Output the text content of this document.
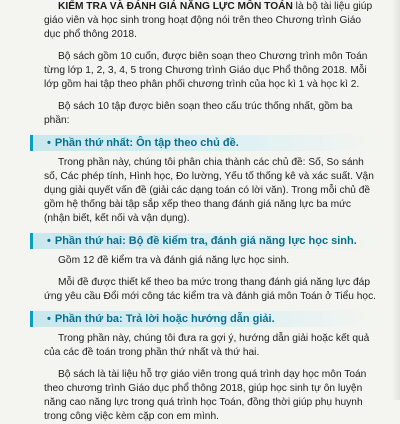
KIỂM TRA VÀ ĐÁNH GIÁ NĂNG LỰC MÔN TOÁN là bộ tài liệu giúp giáo viên và học sinh trong hoạt động nói trên theo Chương trình Giáo dục phổ thông 2018.

Bộ sách gồm 10 cuốn, được biên soạn theo Chương trình môn Toán từng lớp 1, 2, 3, 4, 5 trong Chương trình Giáo dục Phổ thông 2018. Mỗi lớp gồm hai tập theo phân phối chương trình của học kì 1 và học kì 2.

Bộ sách 10 tập được biên soạn theo cấu trúc thống nhất, gồm ba phần:

• Phần thứ nhất: Ôn tập theo chủ đề.

Trong phần này, chúng tôi phân chia thành các chủ đề: Số, So sánh số, Các phép tính, Hình học, Đo lường, Yếu tố thống kê và xác suất. Vận dụng giải quyết vấn đề (giải các dạng toán có lời văn). Trong mỗi chủ đề gồm hệ thống bài tập sắp xếp theo thang đánh giá năng lực ba mức (nhận biết, kết nối và vận dụng).

• Phần thứ hai: Bộ đề kiểm tra, đánh giá năng lực học sinh.

Gồm 12 đề kiểm tra và đánh giá năng lực học sinh.

Mỗi đề được thiết kế theo ba mức trong thang đánh giá năng lực đáp ứng yêu cầu Đổi mới công tác kiểm tra và đánh giá môn Toán ở Tiểu học.

• Phần thứ ba: Trả lời hoặc hướng dẫn giải.

Trong phần này, chúng tôi đưa ra gợi ý, hướng dẫn giải hoặc kết quả của các đề toán trong phần thứ nhất và thứ hai.

Bộ sách là tài liệu hỗ trợ giáo viên trong quá trình dạy học môn Toán theo chương trình Giáo dục phổ thông 2018, giúp học sinh tự ôn luyện năng cao năng lực trong quá trình học Toán, đồng thời giúp phụ huynh trong công việc kèm cặp con em mình.
